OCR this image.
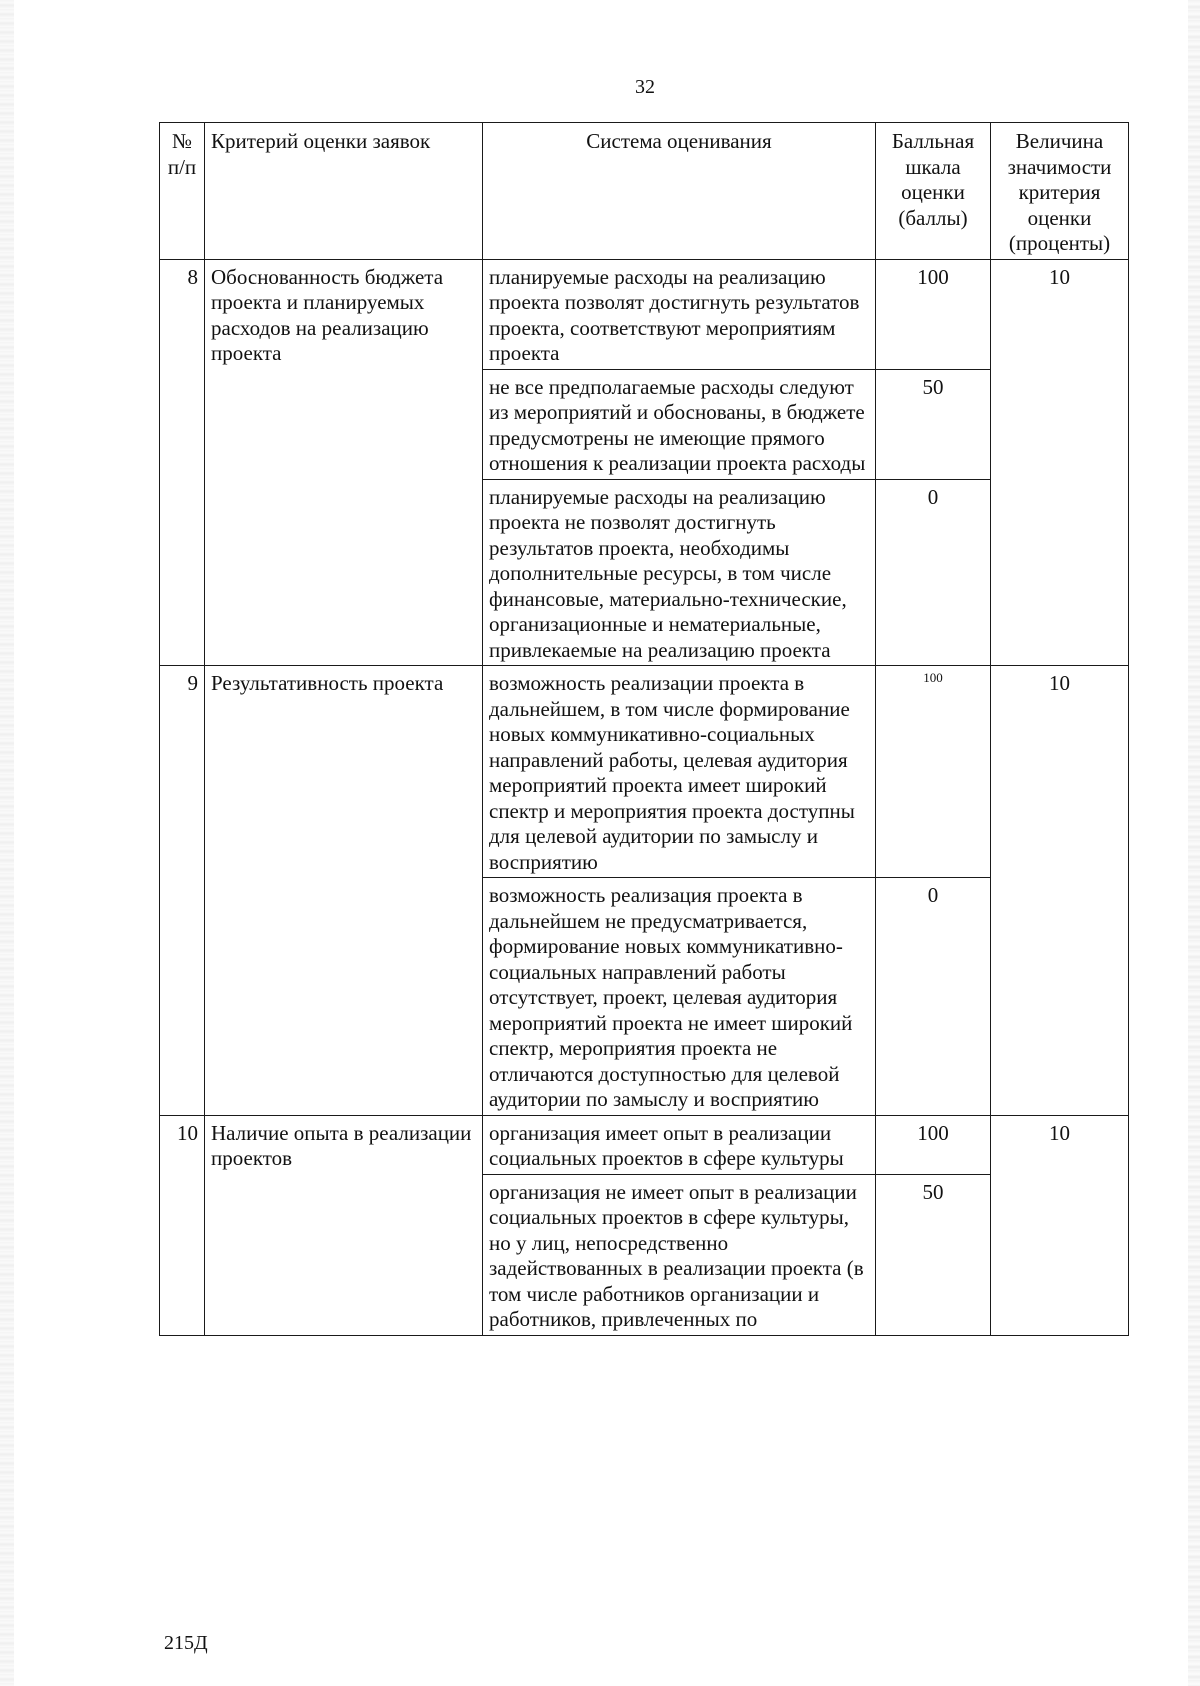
32
№ п/п	Критерий оценки заявок	Система оценивания	Балльная шкала оценки (баллы)	Величина значимости критерия оценки (проценты)
8	Обоснованность бюджета проекта и планируемых расходов на реализацию проекта	планируемые расходы на реализацию проекта позволят достигнуть результатов проекта, соответствуют мероприятиям проекта	100	10
		не все предполагаемые расходы следуют из мероприятий и обоснованы, в бюджете предусмотрены не имеющие прямого отношения к реализации проекта расходы	50	
		планируемые расходы на реализацию проекта не позволят достигнуть результатов проекта, необходимы дополнительные ресурсы, в том числе финансовые, материально-технические, организационные и нематериальные, привлекаемые на реализацию проекта	0	
9	Результативность проекта	возможность реализации проекта в дальнейшем, в том числе формирование новых коммуникативно-социальных направлений работы, целевая аудитория мероприятий проекта имеет широкий спектр и мероприятия проекта доступны для целевой аудитории по замыслу и восприятию	100	10
		возможность реализация проекта в дальнейшем не предусматривается, формирование новых коммуникативно-социальных направлений работы отсутствует, проект, целевая аудитория мероприятий проекта не имеет широкий спектр, мероприятия проекта не отличаются доступностью для целевой аудитории по замыслу и восприятию	0	
10	Наличие опыта в реализации проектов	организация имеет опыт в реализации социальных проектов в сфере культуры	100	10
		организация не имеет опыт в реализации социальных проектов в сфере культуры, но у лиц, непосредственно задействованных в реализации проекта (в том числе работников организации и работников, привлеченных по	50	
215Д
